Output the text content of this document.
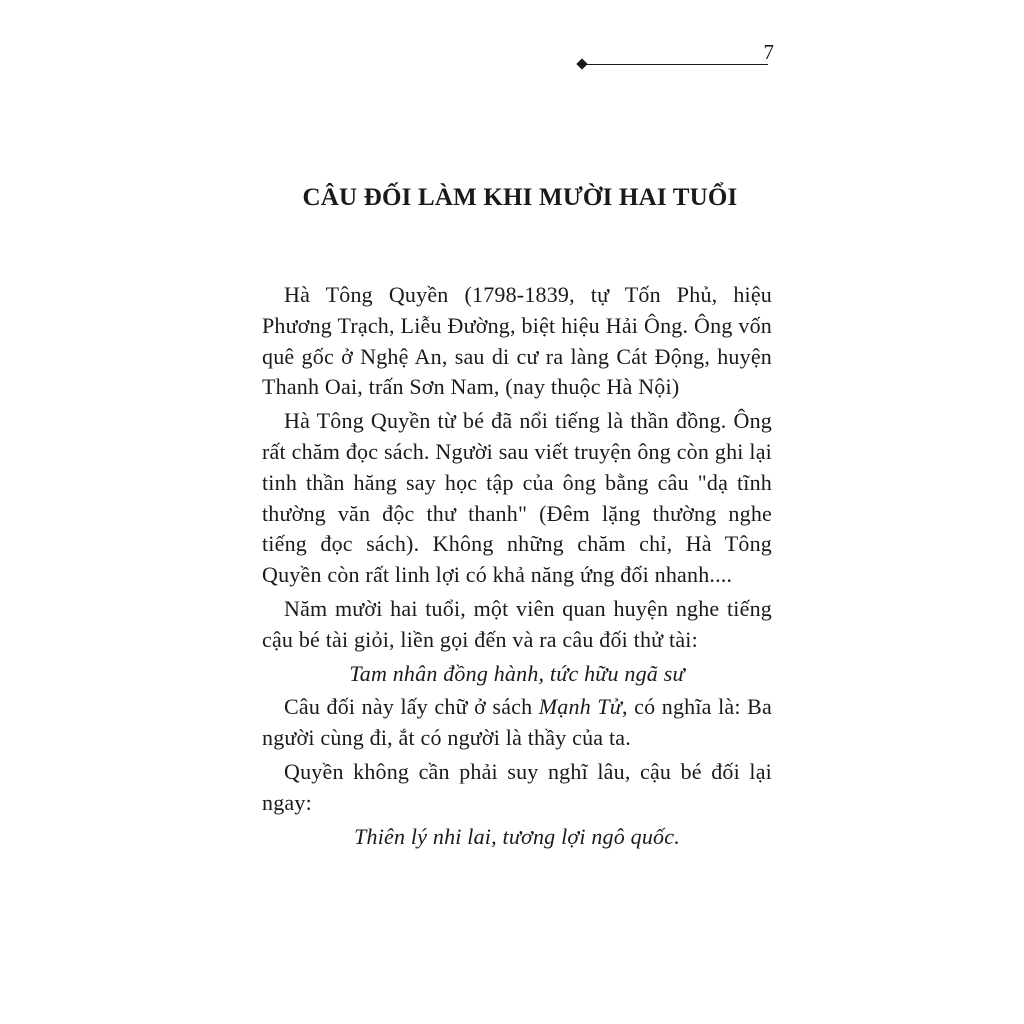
7
CÂU ĐỐI LÀM KHI MƯỜI HAI TUỔI

Hà Tông Quyền (1798-1839, tự Tốn Phủ, hiệu Phương Trạch, Liễu Đường, biệt hiệu Hải Ông. Ông vốn quê gốc ở Nghệ An, sau di cư ra làng Cát Động, huyện Thanh Oai, trấn Sơn Nam, (nay thuộc Hà Nội)

Hà Tông Quyền từ bé đã nổi tiếng là thần đồng. Ông rất chăm đọc sách. Người sau viết truyện ông còn ghi lại tinh thần hăng say học tập của ông bằng câu "dạ tĩnh thường văn độc thư thanh" (Đêm lặng thường nghe tiếng đọc sách). Không những chăm chỉ, Hà Tông Quyền còn rất linh lợi có khả năng ứng đối nhanh....

Năm mười hai tuổi, một viên quan huyện nghe tiếng cậu bé tài giỏi, liền gọi đến và ra câu đối thử tài:

Tam nhân đồng hành, tức hữu ngã sư

Câu đối này lấy chữ ở sách Mạnh Tử, có nghĩa là: Ba người cùng đi, ắt có người là thầy của ta.

Quyền không cần phải suy nghĩ lâu, cậu bé đối lại ngay:

Thiên lý nhi lai, tương lợi ngô quốc.
